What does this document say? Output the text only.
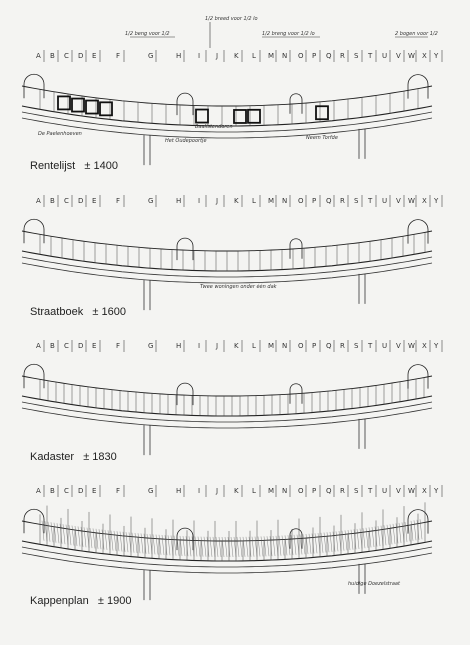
1/2 breed voor 1/2 lo
1/2 beng voor 1/2	1/2 breng voor 1/2 lo	2 bogen voor 1/2
A B C D E	F	G	H I J K L M N O P Q R S T U V W X Y
A B C D E	F	G	H I J K L M N O P Q R S T U V W X Y
A B C D E	F	G	H I J K L M N O P Q R S T U V W X Y
A B C D E	F	G	H I J K L M N O P Q R S T U V W X Y
De Paelenhoeven
Het Oudepoortje
Baalistendoren
Neem Torfde
Twee woningen onder één dak
huidige Doezelstraat
Rentelijst ± 1400
Straatboek ± 1600
Kadaster ± 1830
Kappenplan ± 1900
